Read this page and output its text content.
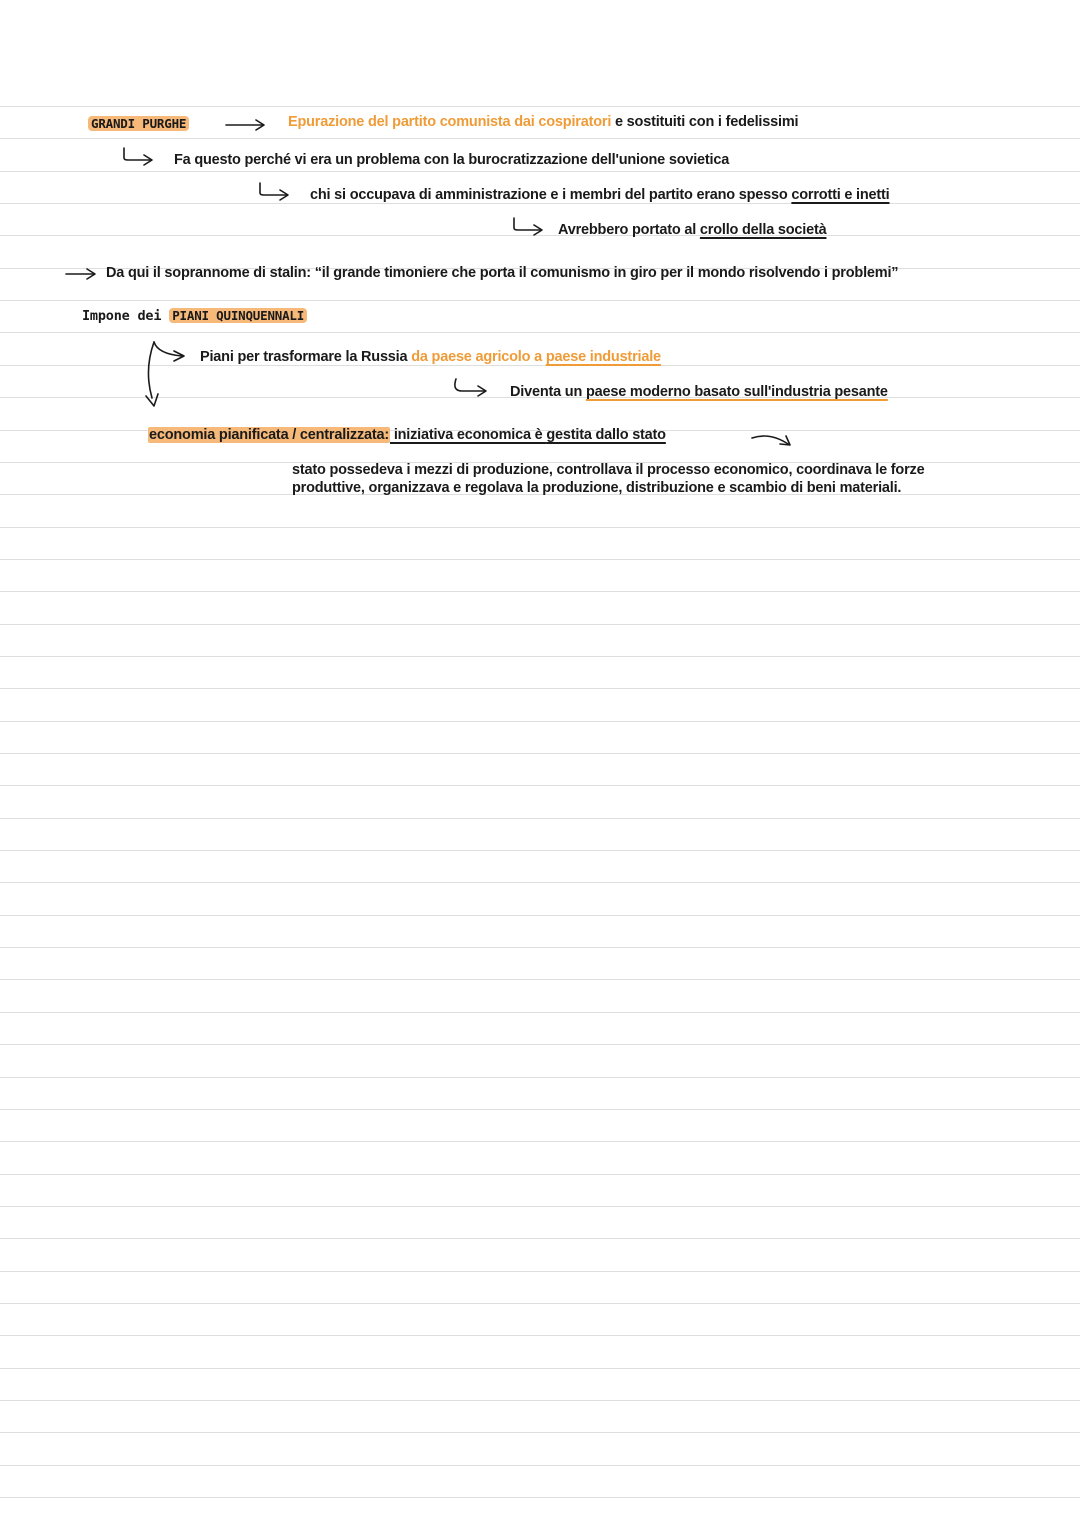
GRANDI PURGHE	Epurazione del partito comunista dai cospiratori e sostituiti con i fedelissimi
Fa questo perché vi era un problema con la burocratizzazione dell'unione sovietica
chi si occupava di amministrazione e i membri del partito erano spesso corrotti e inetti
Avrebbero portato al crollo della società
Da qui il soprannome di stalin: “il grande timoniere che porta il comunismo in giro per il mondo risolvendo i problemi”
Impone dei PIANI QUINQUENNALI
Piani per trasformare la Russia da paese agricolo a paese industriale
Diventa un paese moderno basato sull'industria pesante
economia pianificata / centralizzata: iniziativa economica è gestita dallo stato
stato possedeva i mezzi di produzione, controllava il processo economico, coordinava le forze
produttive, organizzava e regolava la produzione, distribuzione e scambio di beni materiali.
